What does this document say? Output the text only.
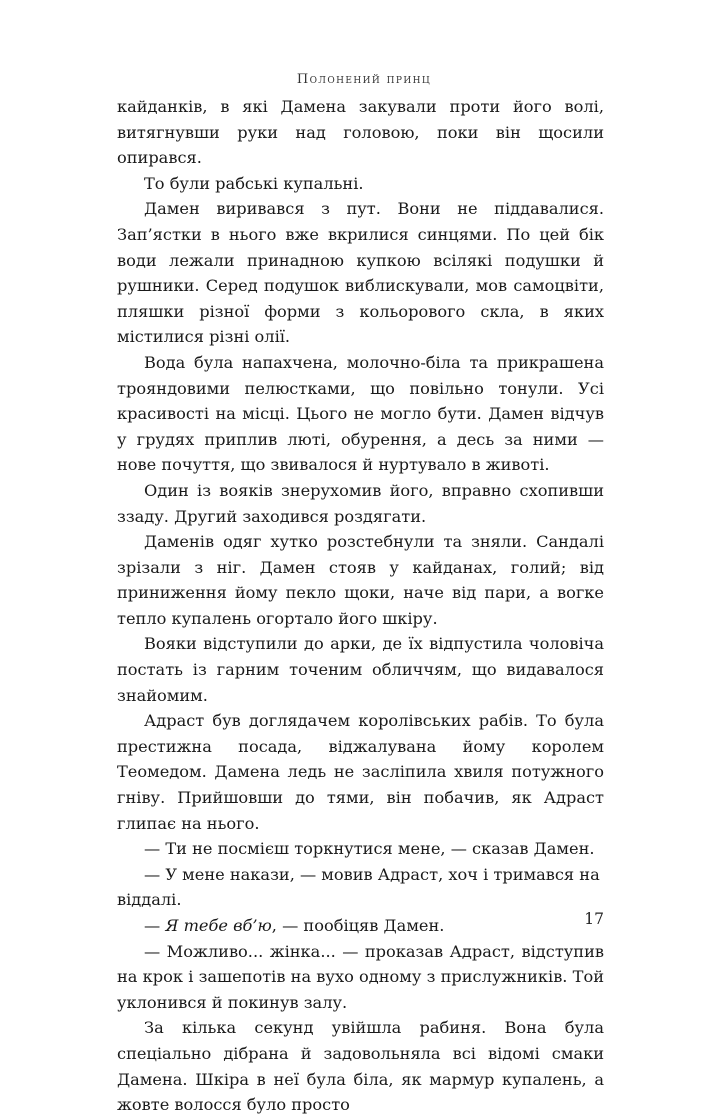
Полонений принц

кайданків, в які Дамена закували проти його волі, витягнувши руки над головою, поки він щосили опирався.

То були рабські купальні.

Дамен виривався з пут. Вони не піддавалися. Зап’ястки в нього вже вкрилися синцями. По цей бік води лежали принадною купкою всілякі подушки й рушники. Серед подушок виблискували, мов самоцвіти, пляшки різної форми з кольорового скла, в яких містилися різні олії.

Вода була напахчена, молочно-біла та прикрашена трояндовими пелюстками, що повільно тонули. Усі красивості на місці. Цього не могло бути. Дамен відчув у грудях приплив люті, обурення, а десь за ними — нове почуття, що звивалося й нуртувало в животі.

Один із вояків знерухомив його, вправно схопивши ззаду. Другий заходився роздягати.

Даменів одяг хутко розстебнули та зняли. Сандалі зрізали з ніг. Дамен стояв у кайданах, голий; від приниження йому пекло щоки, наче від пари, а вогке тепло купалень огортало його шкіру.

Вояки відступили до арки, де їх відпустила чоловіча постать із гарним точеним обличчям, що видавалося знайомим.

Адраст був доглядачем королівських рабів. То була престижна посада, віджалувана йому королем Теомедом. Дамена ледь не засліпила хвиля потужного гніву. Прийшовши до тями, він побачив, як Адраст глипає на нього.

— Ти не посмієш торкнутися мене, — сказав Дамен.

— У мене накази, — мовив Адраст, хоч і тримався на віддалі.

— Я тебе вб’ю, — пообіцяв Дамен.

— Можливо... жінка... — проказав Адраст, відступив на крок і зашепотів на вухо одному з прислужників. Той уклонився й покинув залу.

За кілька секунд увійшла рабиня. Вона була спеціально дібрана й задовольняла всі відомі смаки Дамена. Шкіра в неї була біла, як мармур купалень, а жовте волосся було просто

17
